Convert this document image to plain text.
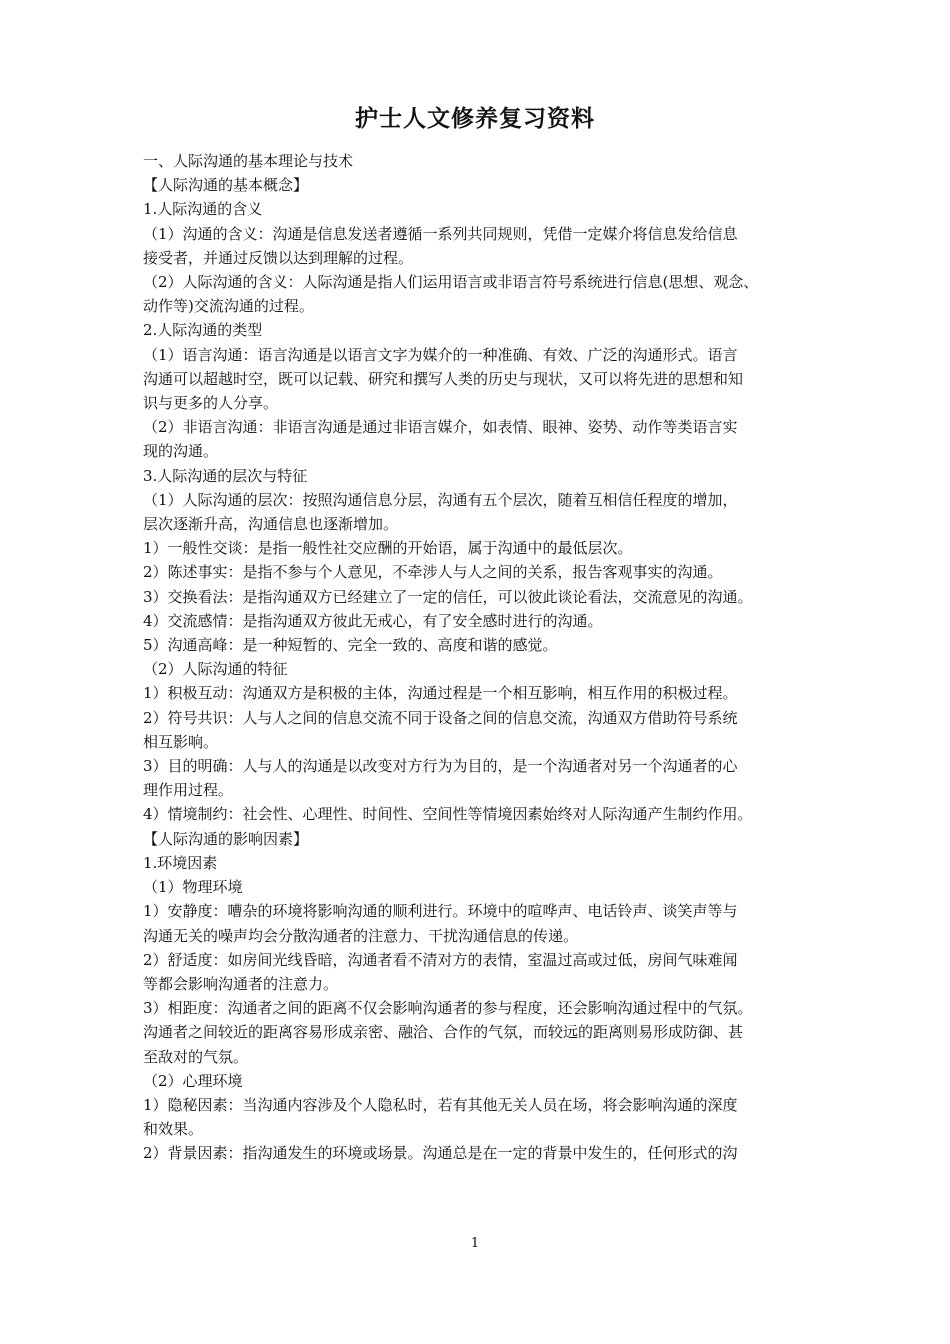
护士人文修养复习资料

一、人际沟通的基本理论与技术

【人际沟通的基本概念】

1.人际沟通的含义

（1）沟通的含义：沟通是信息发送者遵循一系列共同规则，凭借一定媒介将信息发给信息

接受者，并通过反馈以达到理解的过程。

（2）人际沟通的含义：人际沟通是指人们运用语言或非语言符号系统进行信息(思想、观念、

动作等)交流沟通的过程。

2.人际沟通的类型

（1）语言沟通：语言沟通是以语言文字为媒介的一种准确、有效、广泛的沟通形式。语言

沟通可以超越时空，既可以记载、研究和撰写人类的历史与现状，又可以将先进的思想和知

识与更多的人分享。

（2）非语言沟通：非语言沟通是通过非语言媒介，如表情、眼神、姿势、动作等类语言实

现的沟通。

3.人际沟通的层次与特征

（1）人际沟通的层次：按照沟通信息分层，沟通有五个层次，随着互相信任程度的增加，

层次逐渐升高，沟通信息也逐渐增加。

1）一般性交谈：是指一般性社交应酬的开始语，属于沟通中的最低层次。

2）陈述事实：是指不参与个人意见，不牵涉人与人之间的关系，报告客观事实的沟通。

3）交换看法：是指沟通双方已经建立了一定的信任，可以彼此谈论看法，交流意见的沟通。

4）交流感情：是指沟通双方彼此无戒心，有了安全感时进行的沟通。

5）沟通高峰：是一种短暂的、完全一致的、高度和谐的感觉。

（2）人际沟通的特征

1）积极互动：沟通双方是积极的主体，沟通过程是一个相互影响，相互作用的积极过程。

2）符号共识：人与人之间的信息交流不同于设备之间的信息交流，沟通双方借助符号系统

相互影响。

3）目的明确：人与人的沟通是以改变对方行为为目的，是一个沟通者对另一个沟通者的心

理作用过程。

4）情境制约：社会性、心理性、时间性、空间性等情境因素始终对人际沟通产生制约作用。

【人际沟通的影响因素】

1.环境因素

（1）物理环境

1）安静度：嘈杂的环境将影响沟通的顺利进行。环境中的喧哗声、电话铃声、谈笑声等与

沟通无关的噪声均会分散沟通者的注意力、干扰沟通信息的传递。

2）舒适度：如房间光线昏暗，沟通者看不清对方的表情，室温过高或过低，房间气味难闻

等都会影响沟通者的注意力。

3）相距度：沟通者之间的距离不仅会影响沟通者的参与程度，还会影响沟通过程中的气氛。

沟通者之间较近的距离容易形成亲密、融洽、合作的气氛，而较远的距离则易形成防御、甚

至敌对的气氛。

（2）心理环境

1）隐秘因素：当沟通内容涉及个人隐私时，若有其他无关人员在场，将会影响沟通的深度

和效果。

2）背景因素：指沟通发生的环境或场景。沟通总是在一定的背景中发生的，任何形式的沟

1
